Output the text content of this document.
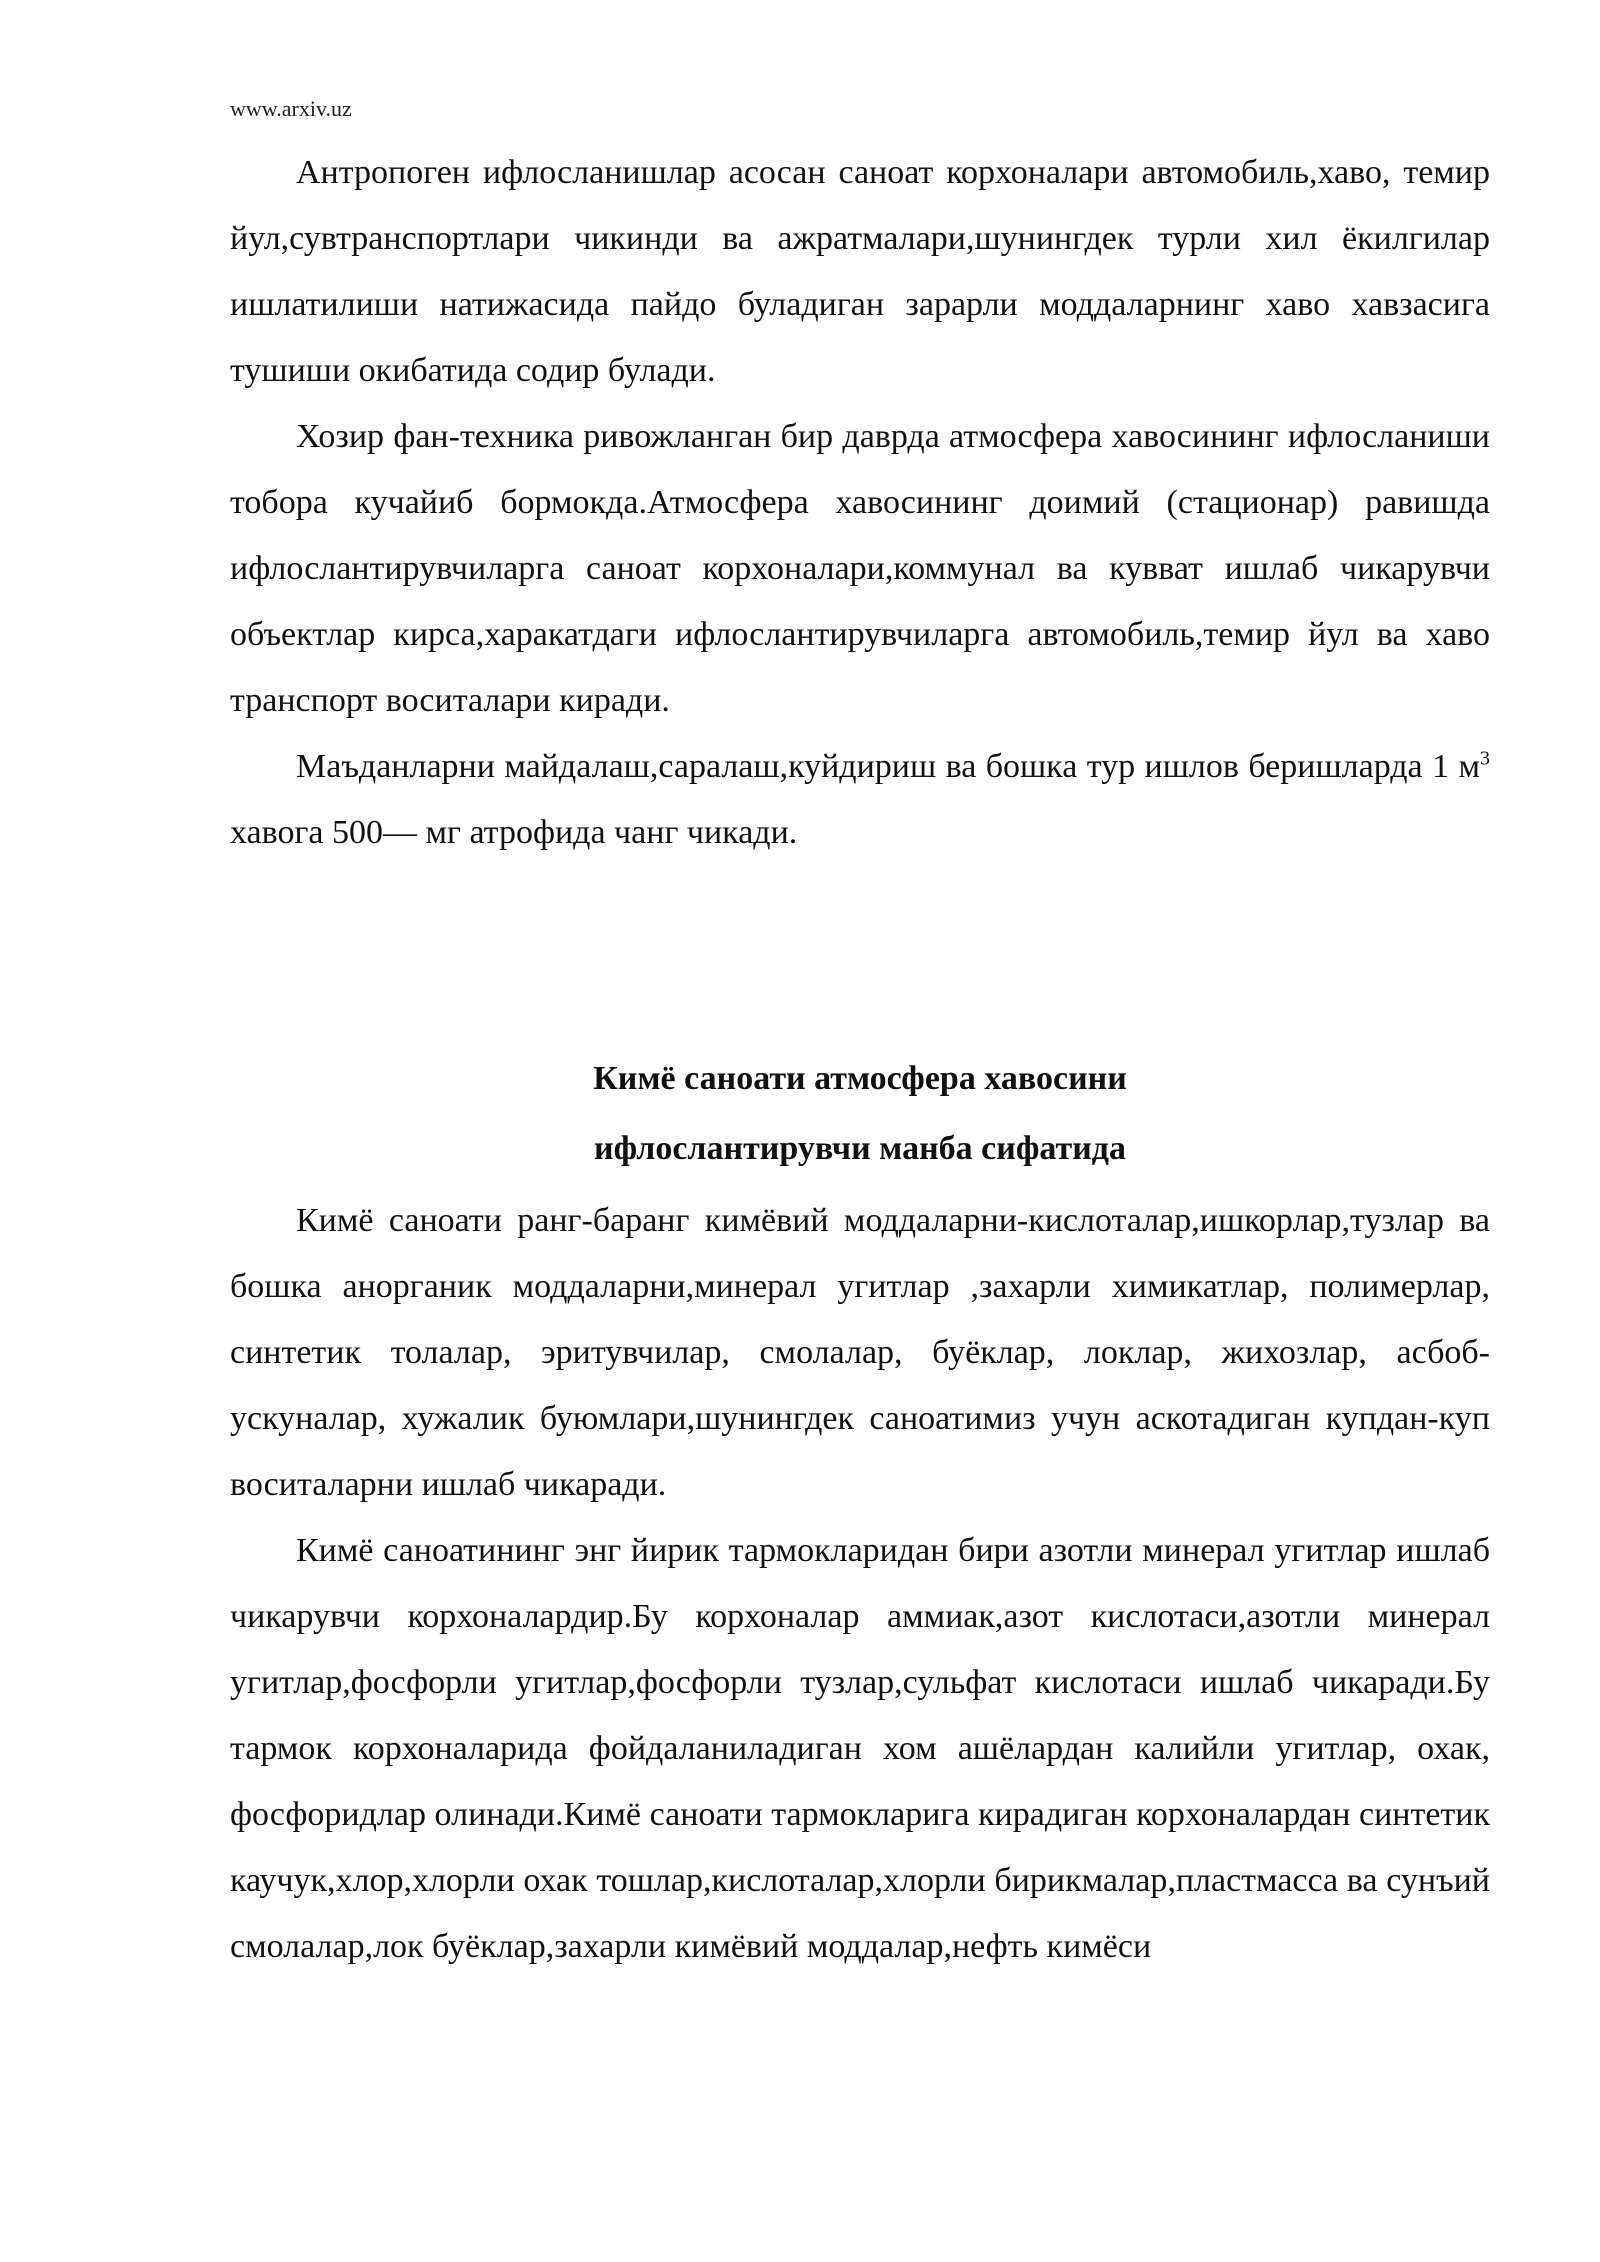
www.arxiv.uz

Антропоген ифлосланишлар асосан саноат корхоналари автомобиль,хаво, темир йул,сувтранспортлари чикинди ва ажратмалари,шунингдек турли хил ёкилгилар ишлатилиши натижасида пайдо буладиган зарарли моддаларнинг хаво хавзасига тушиши окибатида содир булади.

Хозир фан-техника ривожланган бир даврда атмосфера хавосининг ифлосланиши тобора кучайиб бормокда.Атмосфера хавосининг доимий (стационар) равишда ифлослантирувчиларга саноат корхоналари,коммунал ва кувват ишлаб чикарувчи объектлар кирса,харакатдаги ифлослантирувчиларга автомобиль,темир йул ва хаво транспорт воситалари киради.

Маъданларни майдалаш,саралаш,куйдириш ва бошка тур ишлов беришларда 1 $м^3$ хавога 500— мг атрофида чанг чикади.

Кимё саноати атмосфера хавосини
ифлослантирувчи манба сифатида

Кимё саноати ранг-баранг кимёвий моддаларни-кислоталар,ишкорлар,тузлар ва бошка анорганик моддаларни,минерал угитлар ,захарли химикатлар, полимерлар, синтетик толалар, эритувчилар, смолалар, буёклар, локлар, жихозлар, асбоб-ускуналар, хужалик буюмлари,шунингдек саноатимиз учун аскотадиган купдан-куп воситаларни ишлаб чикаради.

Кимё саноатининг энг йирик тармокларидан бири азотли минерал угитлар ишлаб чикарувчи корхоналардир.Бу корхоналар аммиак,азот кислотаси,азотли минерал угитлар,фосфорли угитлар,фосфорли тузлар,сульфат кислотаси ишлаб чикаради.Бу тармок корхоналарида фойдаланиладиган хом ашёлардан калийли угитлар, охак, фосфоридлар олинади.Кимё саноати тармокларига кирадиган корхоналардан синтетик каучук,хлор,хлорли охак тошлар,кислоталар,хлорли бирикмалар,пластмасса ва сунъий смолалар,лок буёклар,захарли кимёвий моддалар,нефть кимёси
